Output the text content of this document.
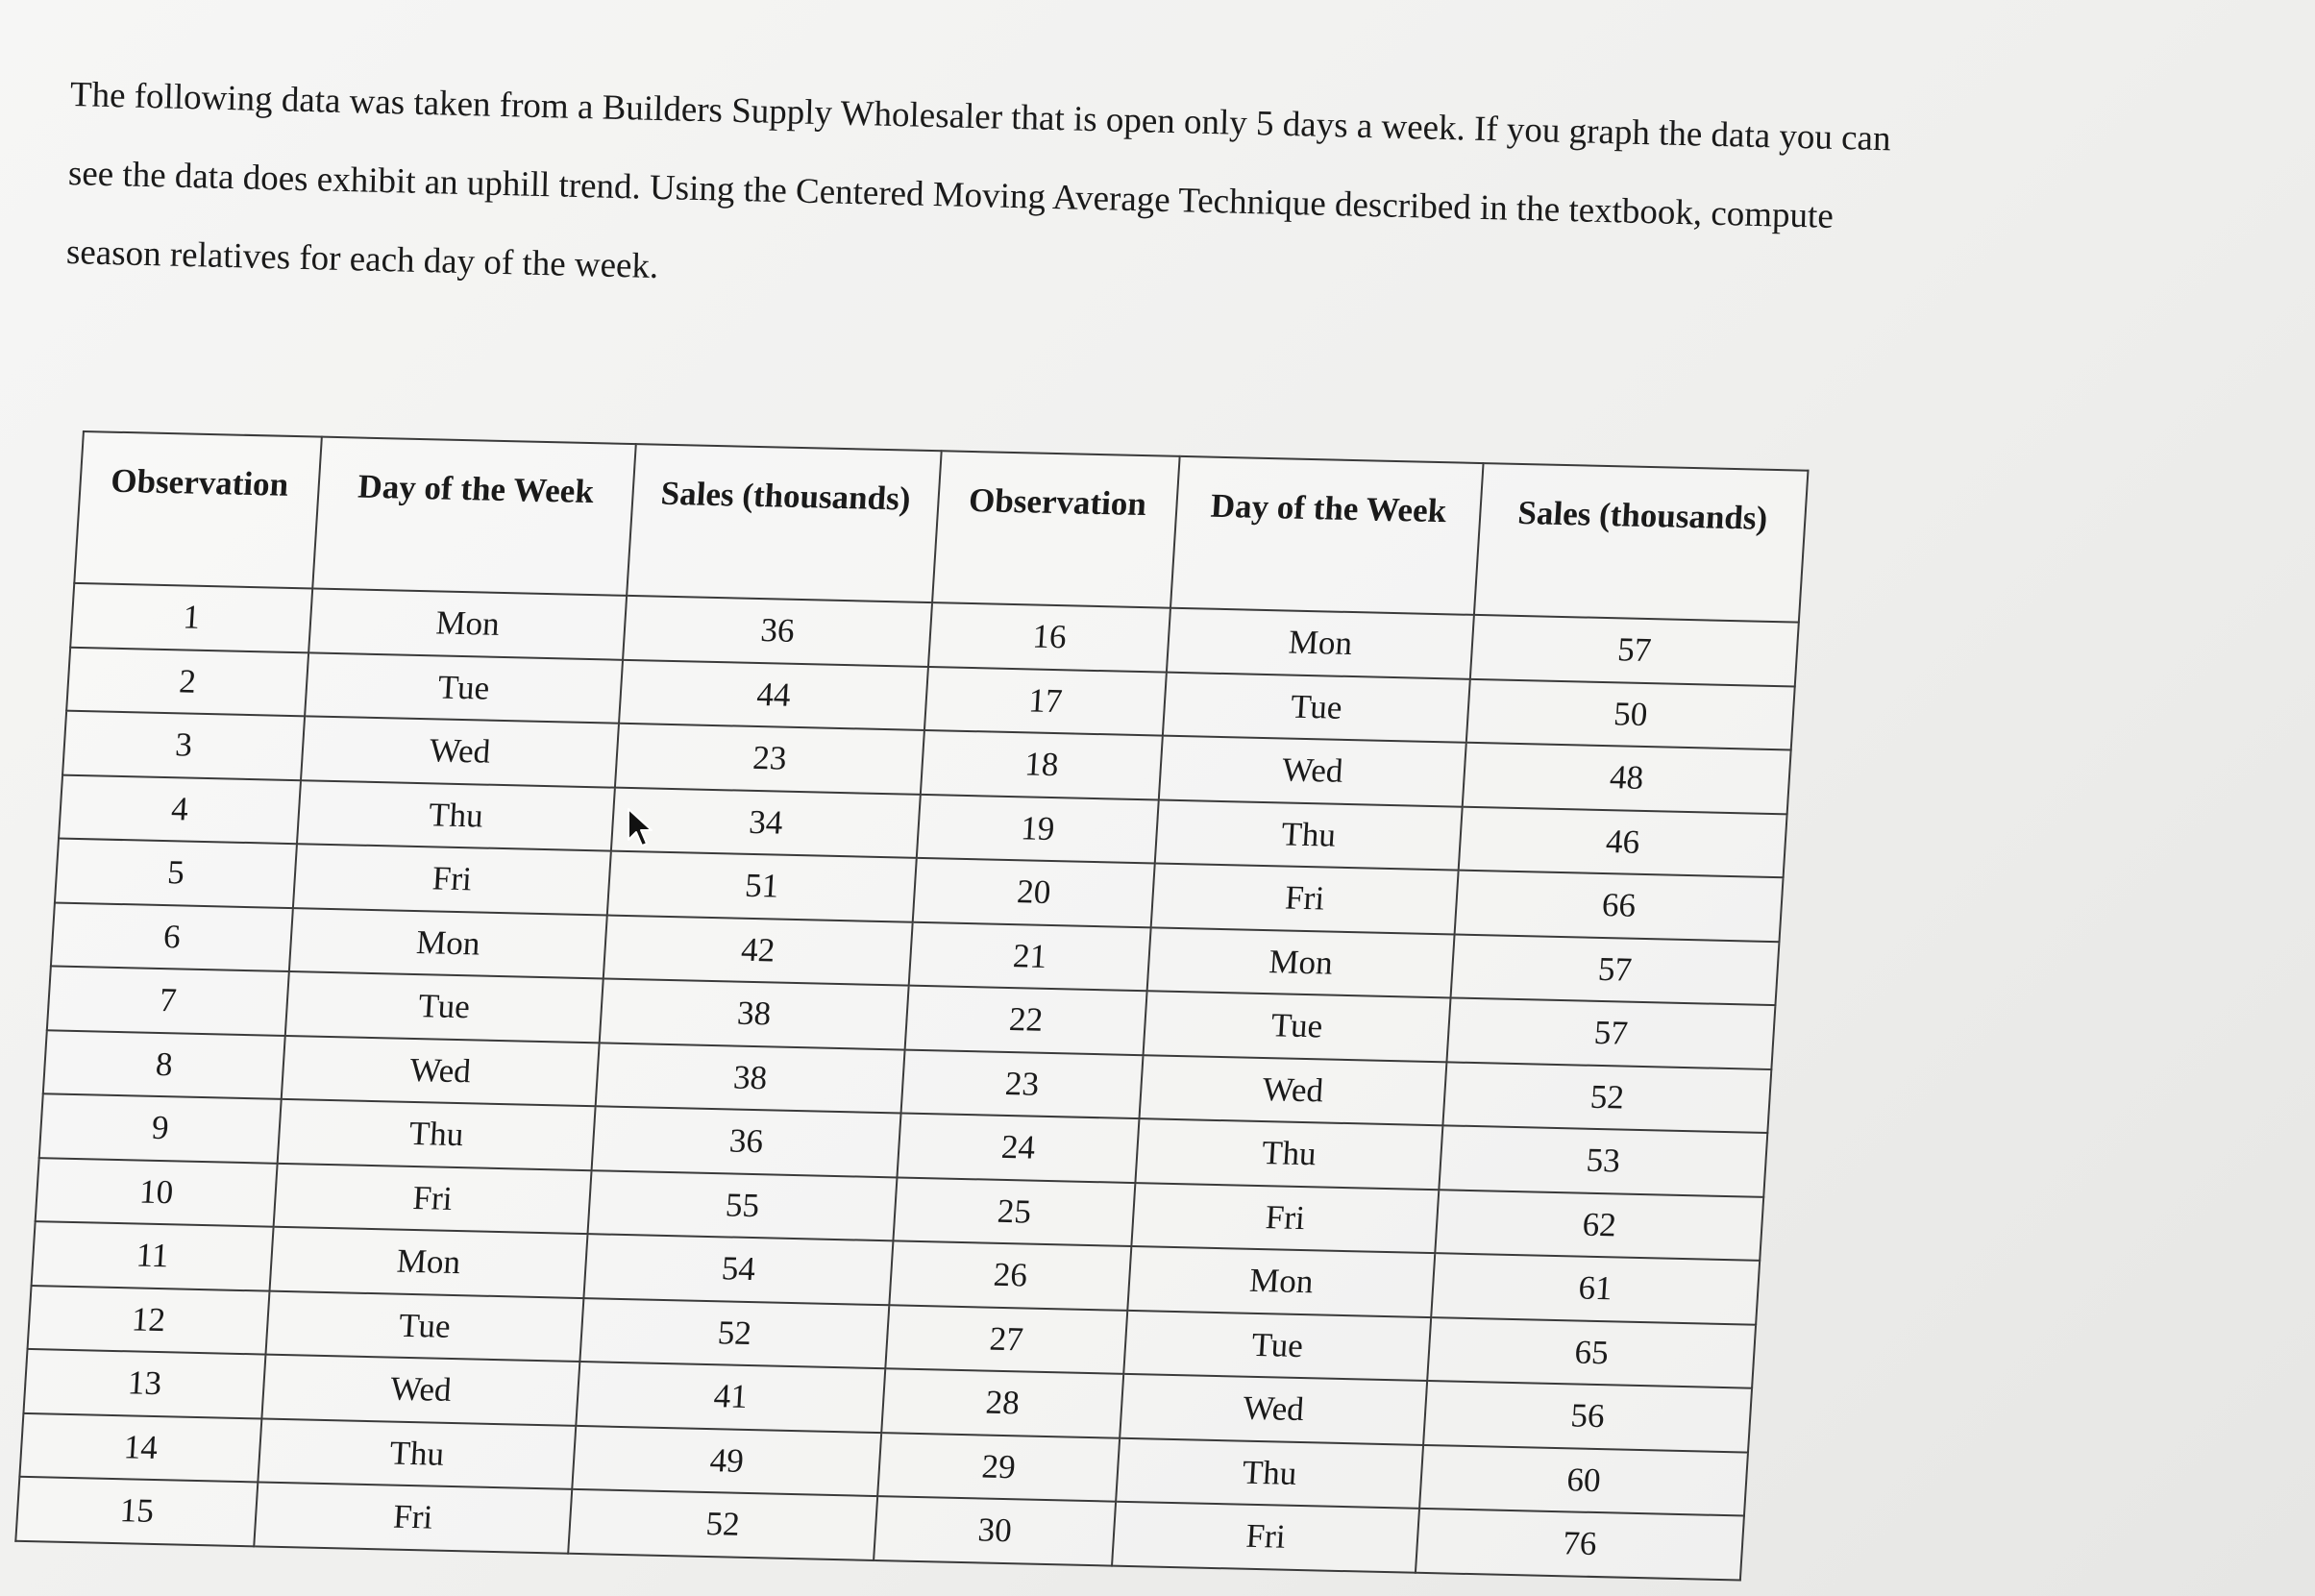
The following data was taken from a Builders Supply Wholesaler that is open only 5 days a week. If you graph the data you can

see the data does exhibit an uphill trend. Using the Centered Moving Average Technique described in the textbook, compute

season relatives for each day of the week.

Observation	Day of the Week	Sales (thousands)	Observation	Day of the Week	Sales (thousands)
1	Mon	36	16	Mon	57
2	Tue	44	17	Tue	50
3	Wed	23	18	Wed	48
4	Thu	34	19	Thu	46
5	Fri	51	20	Fri	66
6	Mon	42	21	Mon	57
7	Tue	38	22	Tue	57
8	Wed	38	23	Wed	52
9	Thu	36	24	Thu	53
10	Fri	55	25	Fri	62
11	Mon	54	26	Mon	61
12	Tue	52	27	Tue	65
13	Wed	41	28	Wed	56
14	Thu	49	29	Thu	60
15	Fri	52	30	Fri	76
